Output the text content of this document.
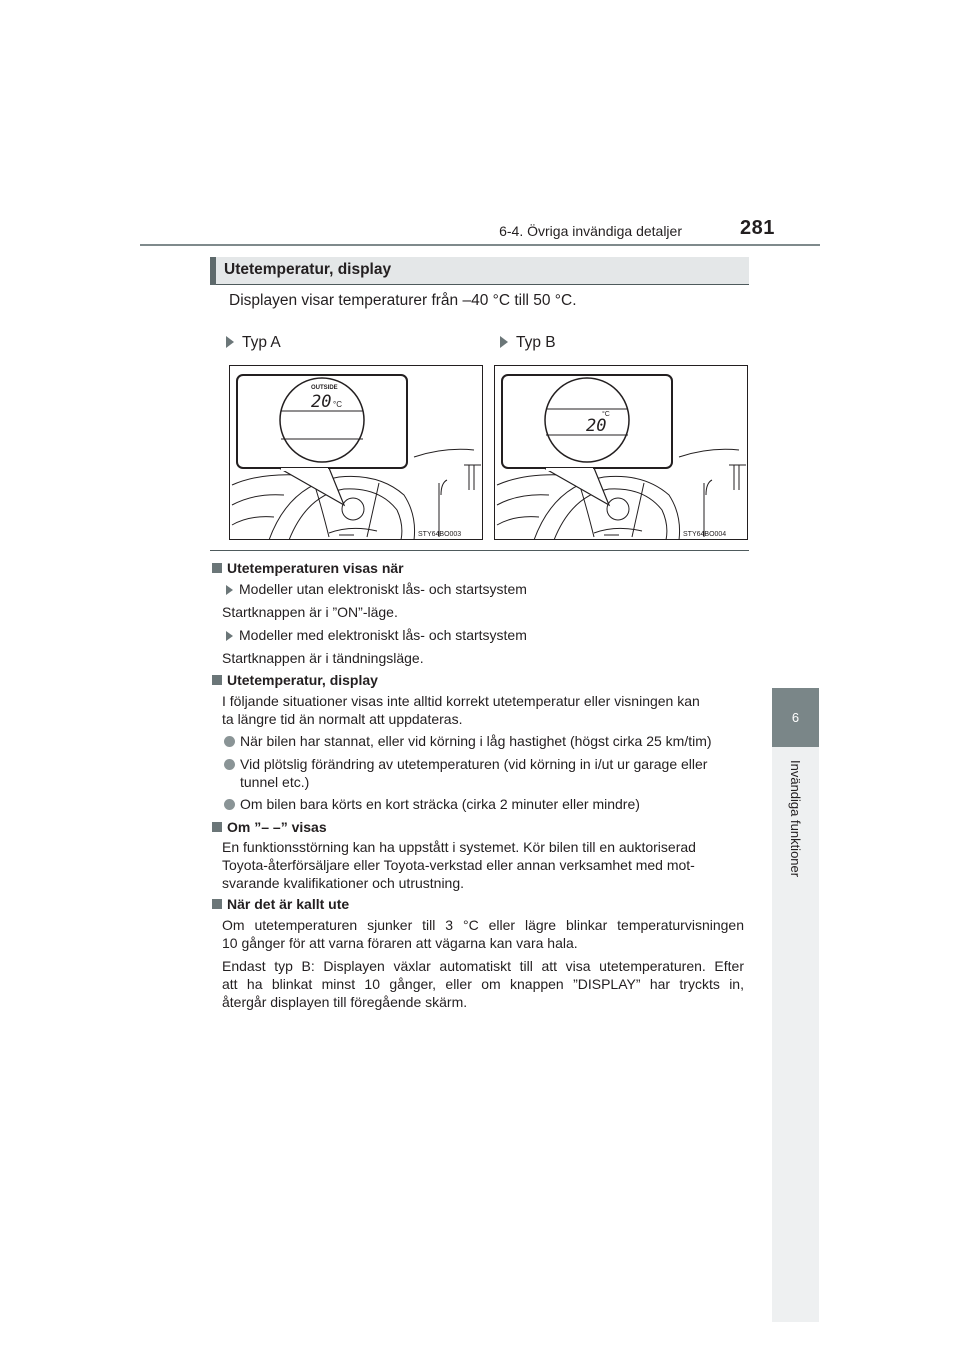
6-4. Övriga invändiga detaljer	281
6
Invändiga funktioner
Utetemperatur, display
Displayen visar temperaturer från –40 °C till 50 °C.
Typ A	Typ B
OUTSIDE
20 °C
STY64BO003
°C
20
STY64BO004
Utetemperaturen visas när
Modeller utan elektroniskt lås- och startsystem
Startknappen är i ”ON”-läge.
Modeller med elektroniskt lås- och startsystem
Startknappen är i tändningsläge.
Utetemperatur, display
I följande situationer visas inte alltid korrekt utetemperatur eller visningen kan
ta längre tid än normalt att uppdateras.
När bilen har stannat, eller vid körning i låg hastighet (högst cirka 25 km/tim)
Vid plötslig förändring av utetemperaturen (vid körning in i/ut ur garage eller
tunnel etc.)
Om bilen bara körts en kort sträcka (cirka 2 minuter eller mindre)
Om ”– –” visas
En funktionsstörning kan ha uppstått i systemet. Kör bilen till en auktoriserad
Toyota-återförsäljare eller Toyota-verkstad eller annan verksamhet med mot-
svarande kvalifikationer och utrustning.
När det är kallt ute
Om utetemperaturen sjunker till 3 °C eller lägre blinkar temperaturvisningen
10 gånger för att varna föraren att vägarna kan vara hala.
Endast typ B: Displayen växlar automatiskt till att visa utetemperaturen. Efter
att ha blinkat minst 10 gånger, eller om knappen ”DISPLAY” har tryckts in,
återgår displayen till föregående skärm.
